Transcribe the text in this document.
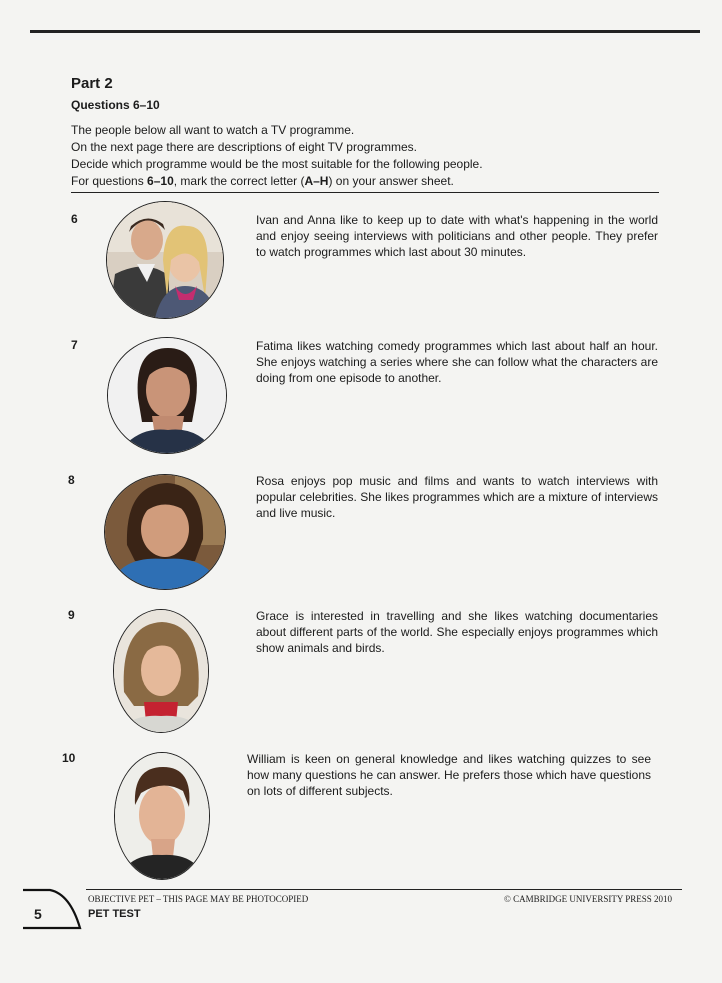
Part 2
Questions 6–10

The people below all want to watch a TV programme.

On the next page there are descriptions of eight TV programmes.

Decide which programme would be the most suitable for the following people.

For questions 6–10, mark the correct letter (A–H) on your answer sheet.

6	Ivan and Anna like to keep up to date with what's happening in the world and enjoy seeing interviews with politicians and other people. They prefer to watch programmes which last about 30 minutes.
7	Fatima likes watching comedy programmes which last about half an hour. She enjoys watching a series where she can follow what the characters are doing from one episode to another.
8	Rosa enjoys pop music and films and wants to watch interviews with popular celebrities. She likes programmes which are a mixture of interviews and live music.
9	Grace is interested in travelling and she likes watching documentaries about different parts of the world. She especially enjoys programmes which show animals and birds.
10	William is keen on general knowledge and likes watching quizzes to see how many questions he can answer. He prefers those which have questions on lots of different subjects.
OBJECTIVE PET – THIS PAGE MAY BE PHOTOCOPIED	© CAMBRIDGE UNIVERSITY PRESS 2010
PET TEST
5
